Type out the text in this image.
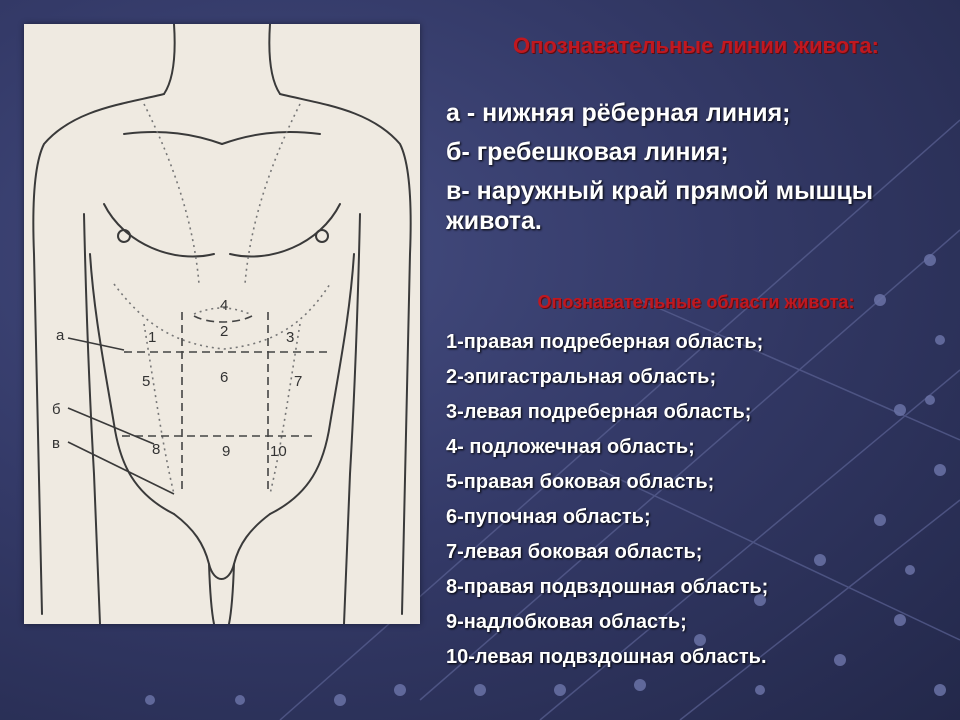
а
б
в
1	2	3
4
5	6	7
8	9	10
Опознавательные линии живота:
а - нижняя рёберная линия;
б- гребешковая линия;
в- наружный край прямой мышцы живота.
Опознавательные области живота:
1-правая подреберная область;
2-эпигастральная область;
3-левая подреберная область;
4- подложечная область;
5-правая боковая область;
6-пупочная область;
7-левая боковая область;
8-правая подвздошная область;
9-надлобковая область;
10-левая подвздошная область.
